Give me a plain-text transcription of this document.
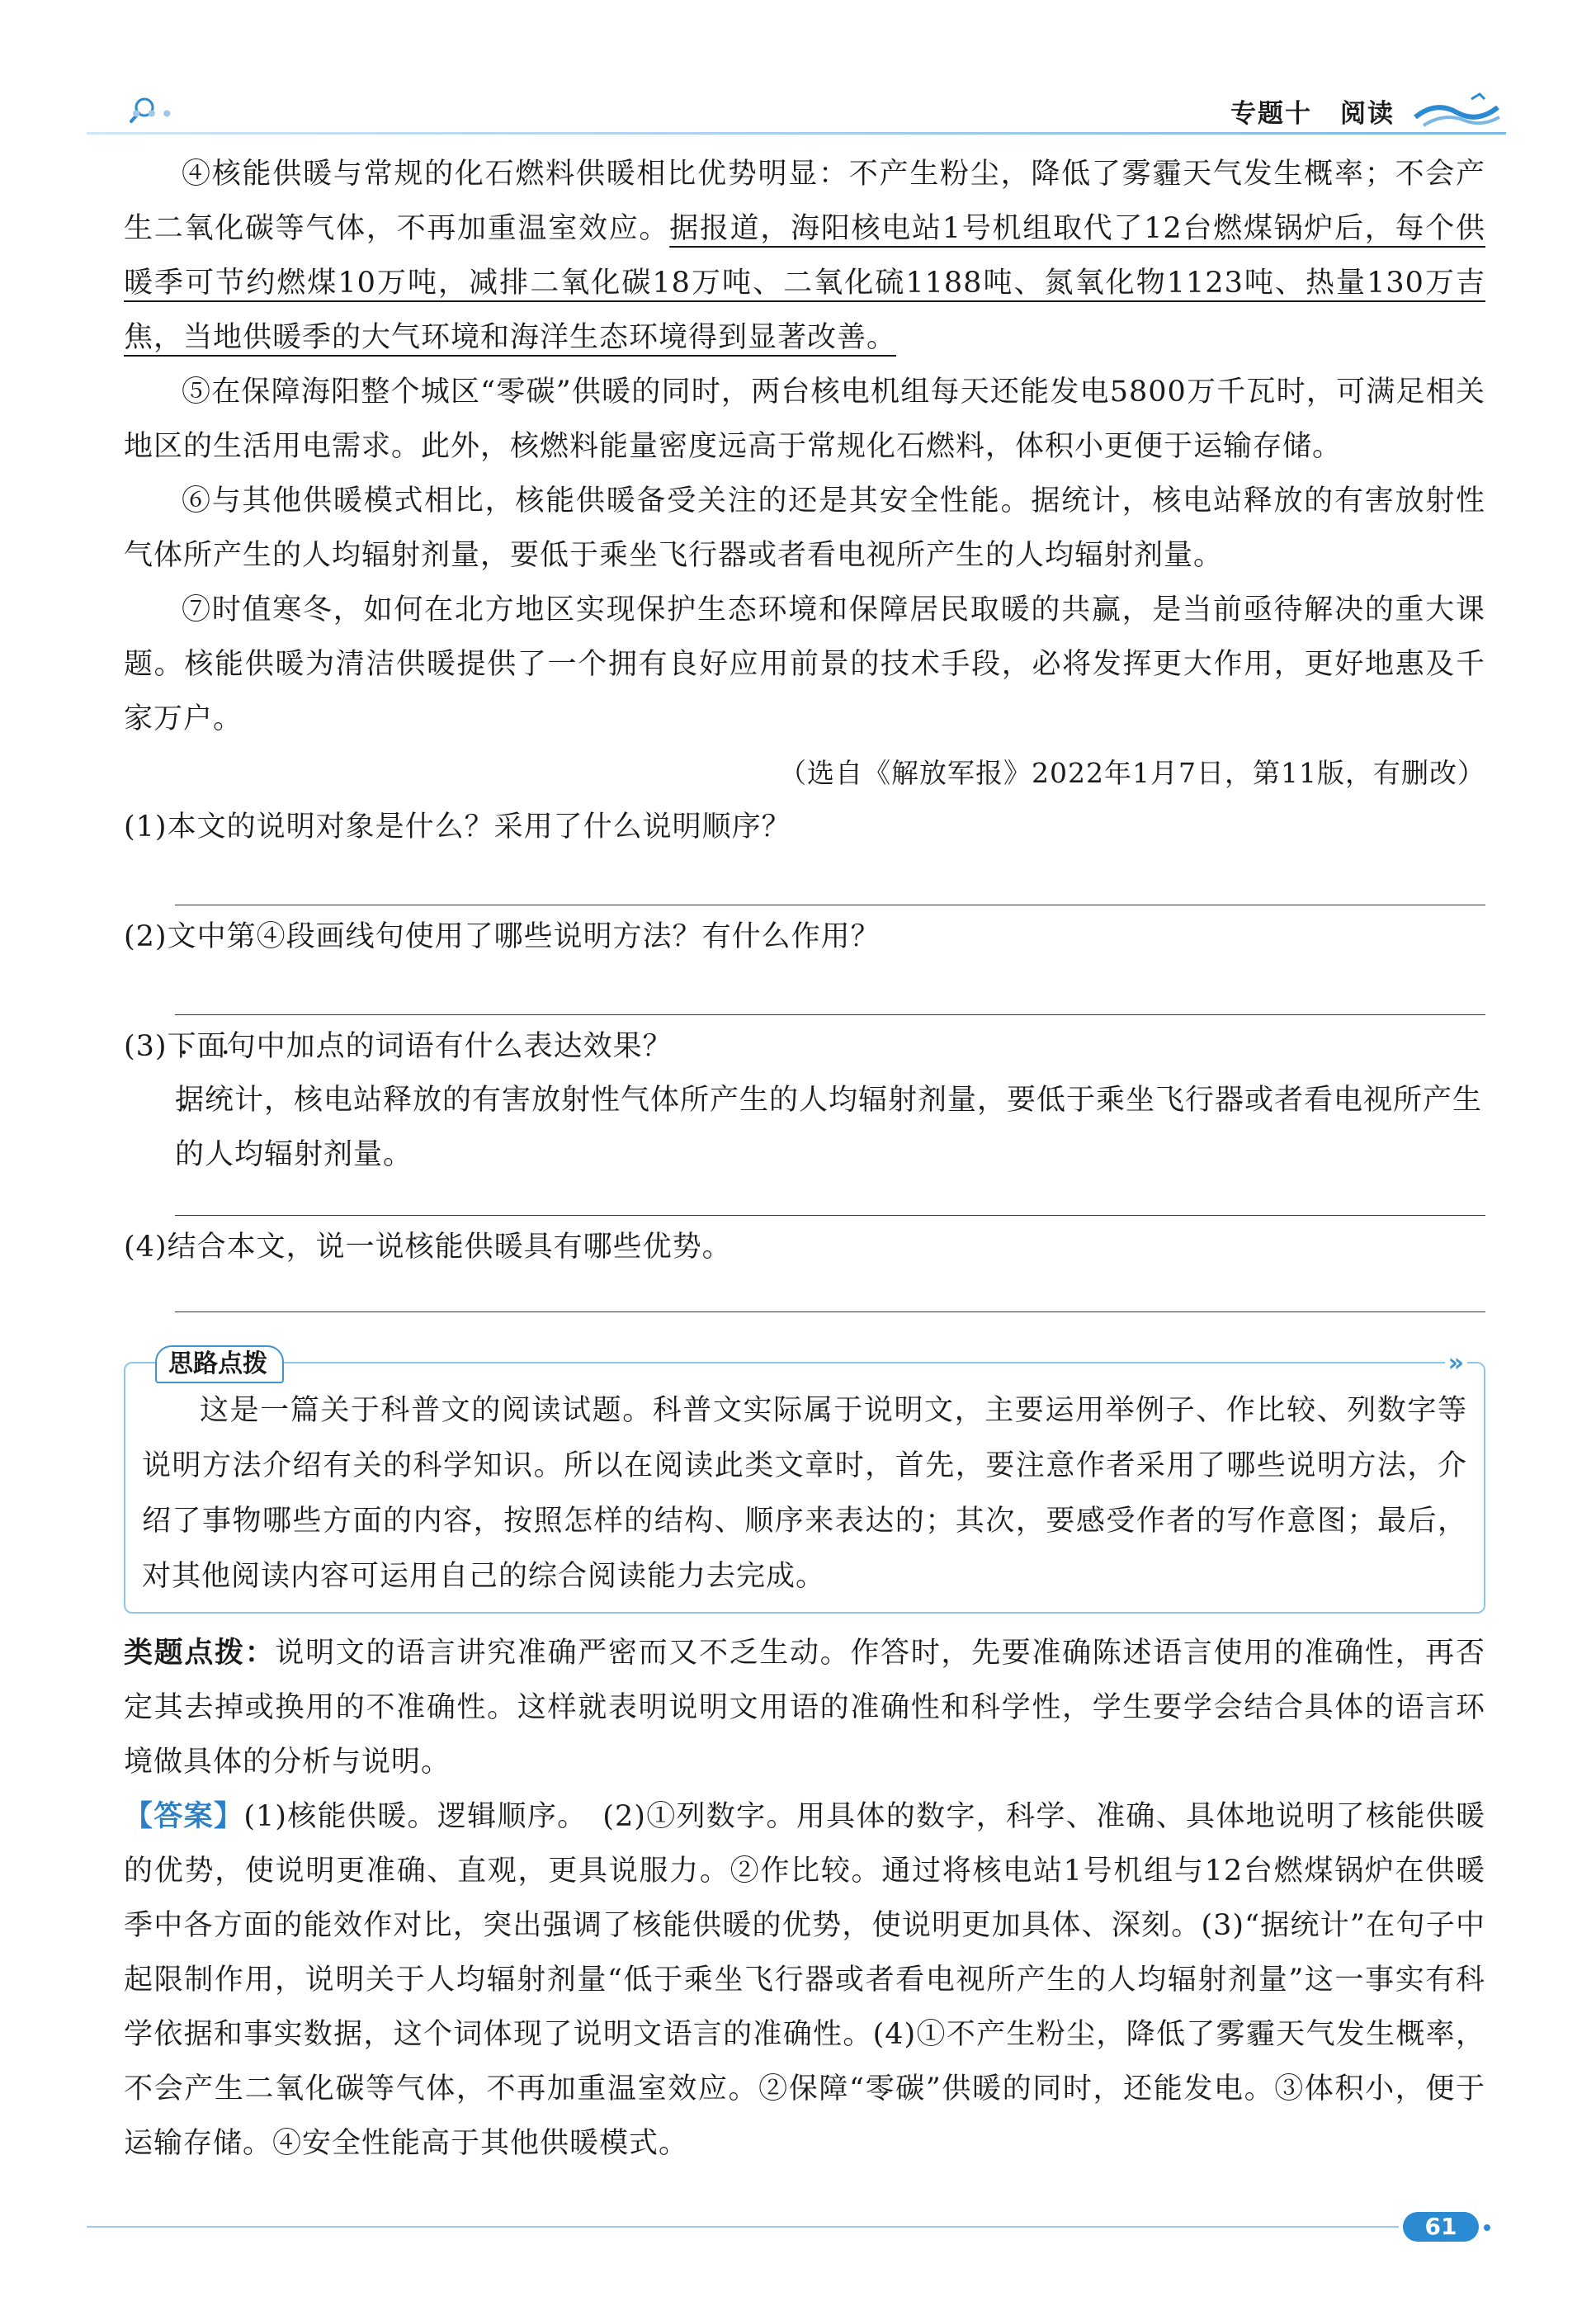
•••	专题十 阅读

④核能供暖与常规的化石燃料供暖相比优势明显：不产生粉尘，降低了雾霾天气发生概率；不会产生二氧化碳等气体，不再加重温室效应。据报道，海阳核电站1号机组取代了12台燃煤锅炉后，每个供暖季可节约燃煤10万吨，减排二氧化碳18万吨、二氧化硫1188吨、氮氧化物1123吨、热量130万吉焦，当地供暖季的大气环境和海洋生态环境得到显著改善。

⑤在保障海阳整个城区“零碳”供暖的同时，两台核电机组每天还能发电5800万千瓦时，可满足相关地区的生活用电需求。此外，核燃料能量密度远高于常规化石燃料，体积小更便于运输存储。

⑥与其他供暖模式相比，核能供暖备受关注的还是其安全性能。据统计，核电站释放的有害放射性气体所产生的人均辐射剂量，要低于乘坐飞行器或者看电视所产生的人均辐射剂量。

⑦时值寒冬，如何在北方地区实现保护生态环境和保障居民取暖的共赢，是当前亟待解决的重大课题。核能供暖为清洁供暖提供了一个拥有良好应用前景的技术手段，必将发挥更大作用，更好地惠及千家万户。

（选自《解放军报》2022年1月7日，第11版，有删改）

(1)本文的说明对象是什么？采用了什么说明顺序？

(2)文中第④段画线句使用了哪些说明方法？有什么作用？

(3)下面句中加点的词语有什么表达效果？

据统计 • • •，核电站释放的有害放射性气体所产生的人均辐射剂量，要低于乘坐飞行器或者看电视所产生的人均辐射剂量。

(4)结合本文，说一说核能供暖具有哪些优势。

思路点拨	»

这是一篇关于科普文的阅读试题。科普文实际属于说明文，主要运用举例子、作比较、列数字等说明方法介绍有关的科学知识。所以在阅读此类文章时，首先，要注意作者采用了哪些说明方法，介绍了事物哪些方面的内容，按照怎样的结构、顺序来表达的；其次，要感受作者的写作意图；最后，对其他阅读内容可运用自己的综合阅读能力去完成。

类题点拨：说明文的语言讲究准确严密而又不乏生动。作答时，先要准确陈述语言使用的准确性，再否定其去掉或换用的不准确性。这样就表明说明文用语的准确性和科学性，学生要学会结合具体的语言环境做具体的分析与说明。

【答案】(1)核能供暖。逻辑顺序。　(2)①列数字。用具体的数字，科学、准确、具体地说明了核能供暖的优势，使说明更准确、直观，更具说服力。②作比较。通过将核电站1号机组与12台燃煤锅炉在供暖季中各方面的能效作对比，突出强调了核能供暖的优势，使说明更加具体、深刻。(3)“据统计”在句子中起限制作用，说明关于人均辐射剂量“低于乘坐飞行器或者看电视所产生的人均辐射剂量”这一事实有科学依据和事实数据，这个词体现了说明文语言的准确性。(4)①不产生粉尘，降低了雾霾天气发生概率，不会产生二氧化碳等气体，不再加重温室效应。②保障“零碳”供暖的同时，还能发电。③体积小，便于运输存储。④安全性能高于其他供暖模式。

61
